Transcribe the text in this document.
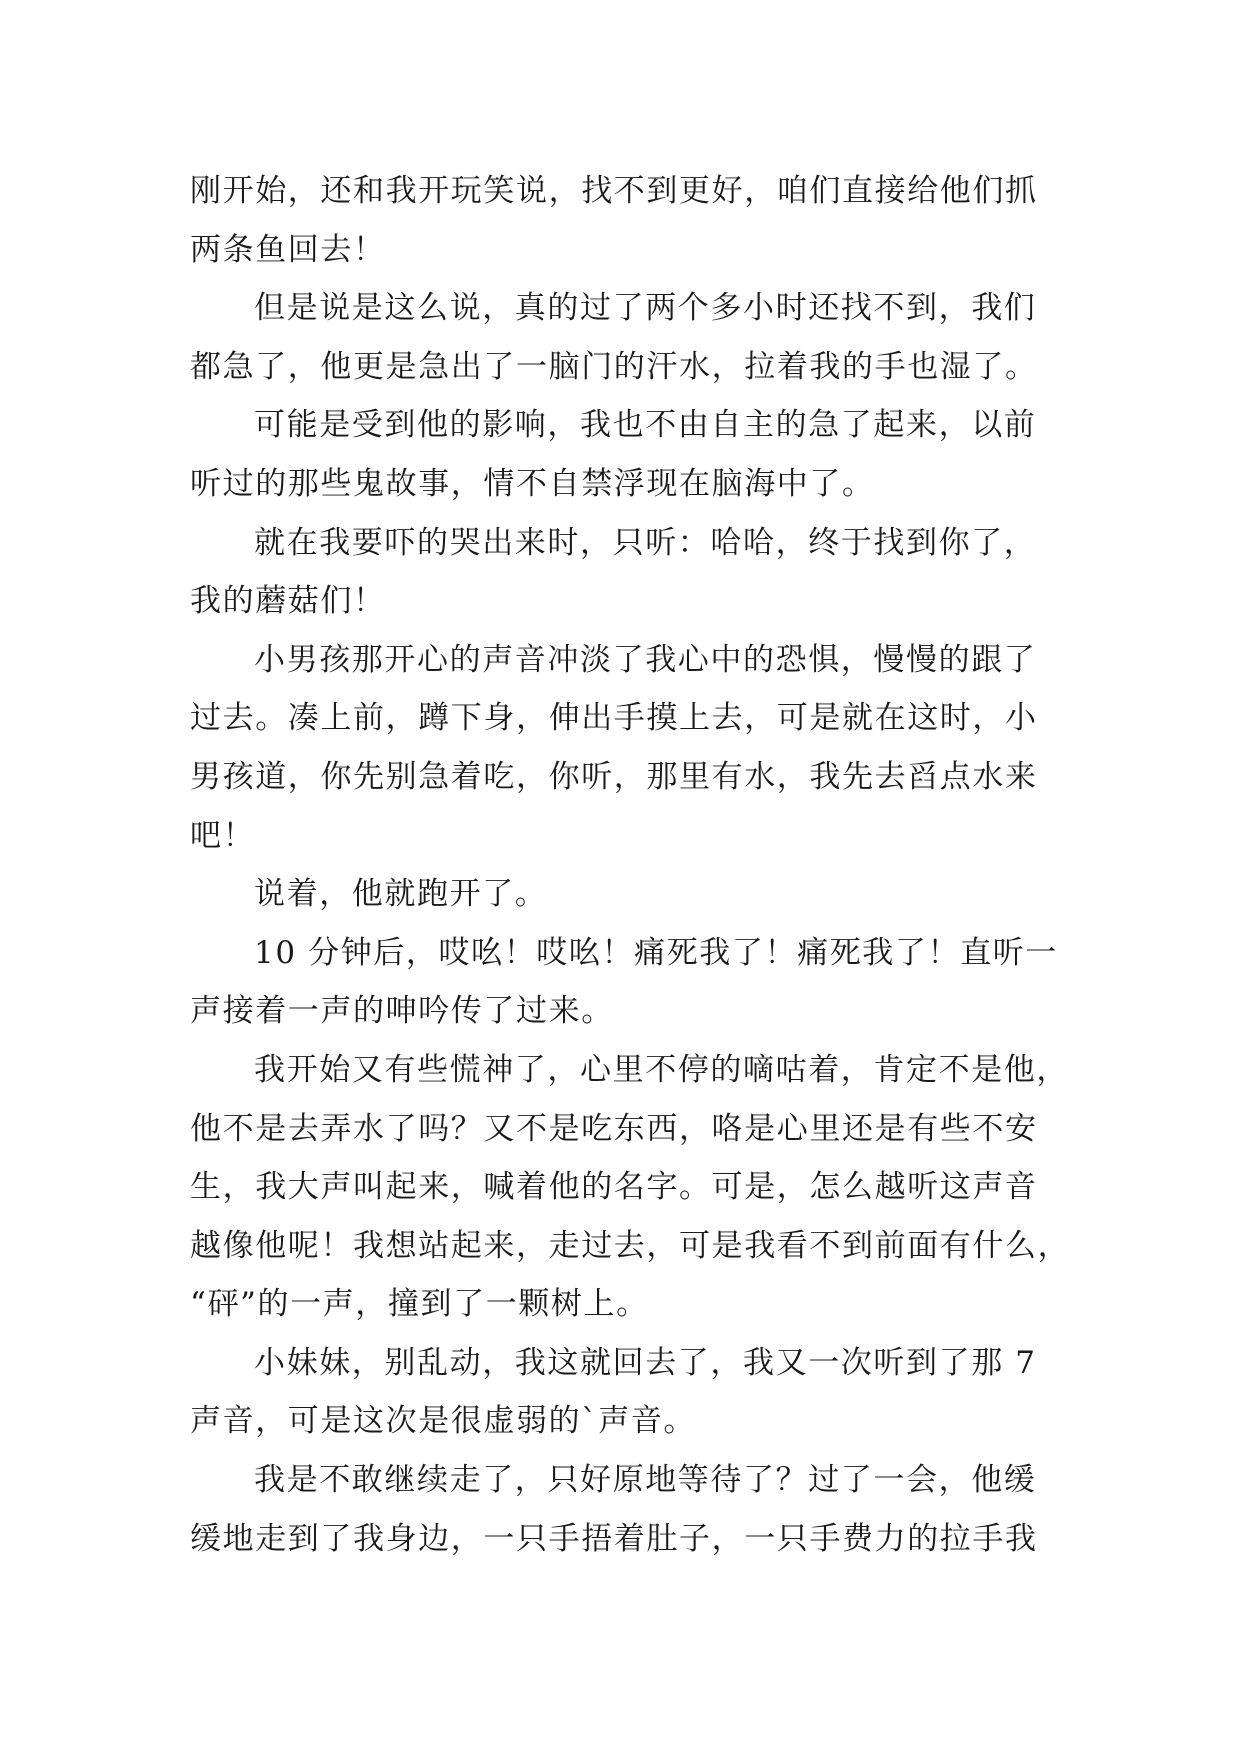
刚开始，还和我开玩笑说，找不到更好，咱们直接给他们抓
两条鱼回去！

但是说是这么说，真的过了两个多小时还找不到，我们
都急了，他更是急出了一脑门的汗水，拉着我的手也湿了。

可能是受到他的影响，我也不由自主的急了起来，以前
听过的那些鬼故事，情不自禁浮现在脑海中了。

就在我要吓的哭出来时，只听：哈哈，终于找到你了，
我的蘑菇们！

小男孩那开心的声音冲淡了我心中的恐惧，慢慢的跟了
过去。凑上前，蹲下身，伸出手摸上去，可是就在这时，小
男孩道，你先别急着吃，你听，那里有水，我先去舀点水来
吧！

说着，他就跑开了。

10 分钟后，哎吆！哎吆！痛死我了！痛死我了！直听一
声接着一声的呻吟传了过来。

我开始又有些慌神了，心里不停的嘀咕着，肯定不是他，
他不是去弄水了吗？又不是吃东西，咯是心里还是有些不安
生，我大声叫起来，喊着他的名字。可是，怎么越听这声音
越像他呢！我想站起来，走过去，可是我看不到前面有什么，
“砰”的一声，撞到了一颗树上。

小妹妹，别乱动，我这就回去了，我又一次听到了那 7
声音，可是这次是很虚弱的`声音。

我是不敢继续走了，只好原地等待了？过了一会，他缓
缓地走到了我身边，一只手捂着肚子，一只手费力的拉手我
